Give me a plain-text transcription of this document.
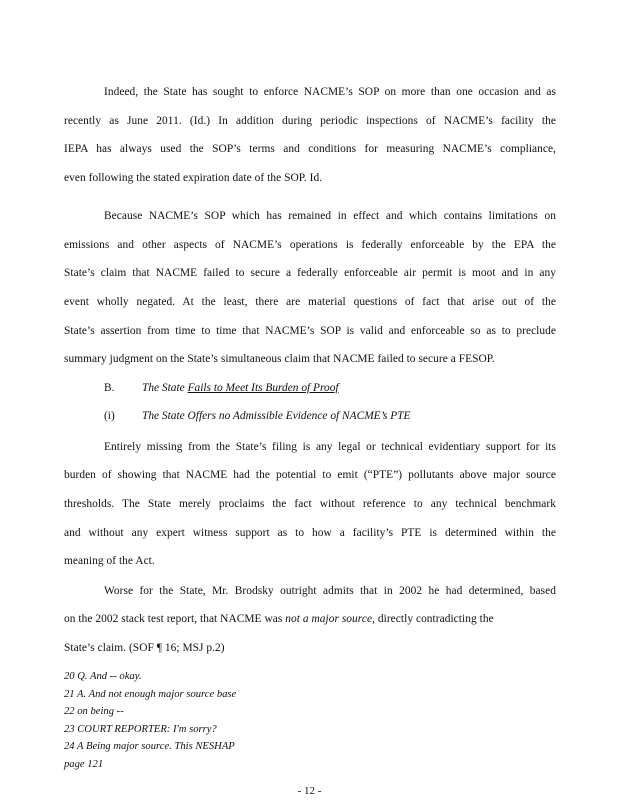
Indeed, the State has sought to enforce NACME’s SOP on more than one occasion and as
recently as June 2011. (Id.) In addition during periodic inspections of NACME’s facility the
IEPA has always used the SOP’s terms and conditions for measuring NACME’s compliance,
even following the stated expiration date of the SOP. Id.
Because NACME’s SOP which has remained in effect and which contains limitations on
emissions and other aspects of NACME’s operations is federally enforceable by the EPA the
State’s claim that NACME failed to secure a federally enforceable air permit is moot and in any
event wholly negated. At the least, there are material questions of fact that arise out of the
State’s assertion from time to time that NACME’s SOP is valid and enforceable so as to preclude
summary judgment on the State’s simultaneous claim that NACME failed to secure a FESOP.
B. The State Fails to Meet Its Burden of Proof
(i) The State Offers no Admissible Evidence of NACME’s PTE
Entirely missing from the State’s filing is any legal or technical evidentiary support for its
burden of showing that NACME had the potential to emit (“PTE”) pollutants above major source
thresholds. The State merely proclaims the fact without reference to any technical benchmark
and without any expert witness support as to how a facility’s PTE is determined within the
meaning of the Act.
Worse for the State, Mr. Brodsky outright admits that in 2002 he had determined, based
on the 2002 stack test report, that NACME was not a major source, directly contradicting the
State’s claim. (SOF ¶ 16; MSJ p.2)
20 Q. And -- okay.
21 A. And not enough major source base
22 on being --
23 COURT REPORTER: I'm sorry?
24 A Being major source. This NESHAP
page 121
- 12 -
